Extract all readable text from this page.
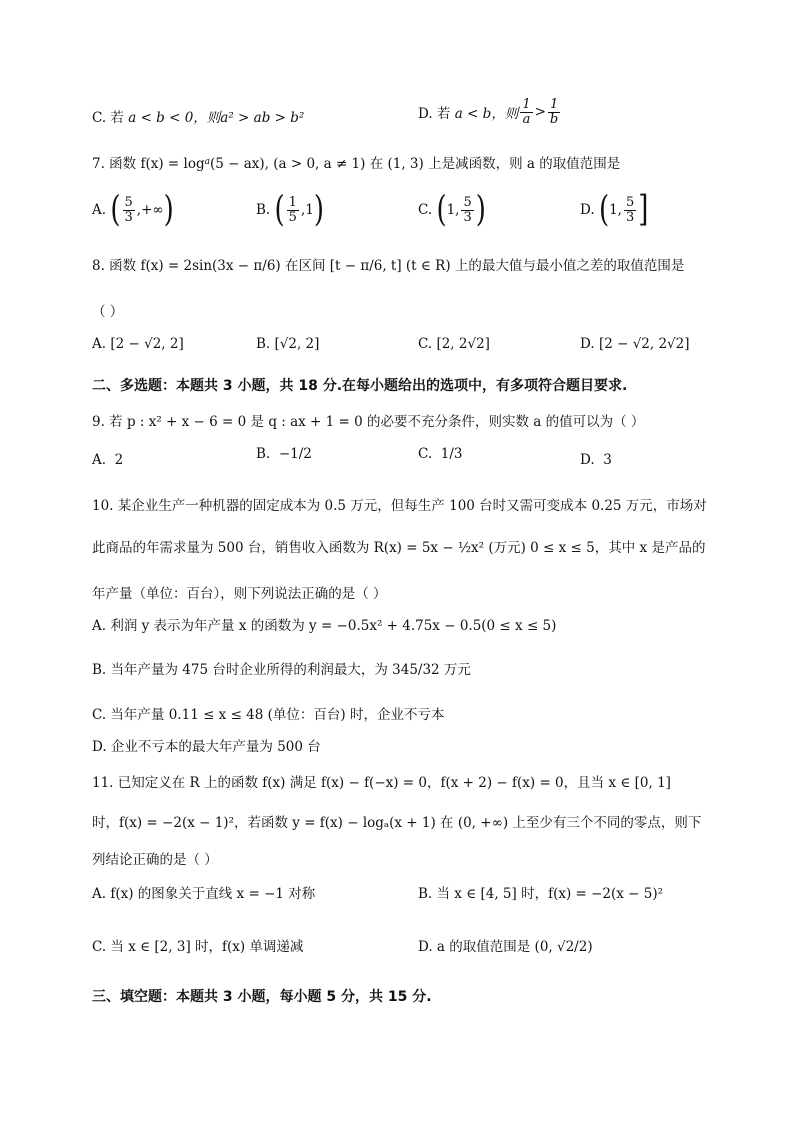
C. 若
a < b < 0，则a² > ab > b²	D. 若
a < b，则 $\frac{1}{a} > \frac{1}{b}$
7. 函数 f(x) = log a (5 − ax), (a > 0, a ≠ 1) 在 (1, 3) 上是减函数，则 a 的取值范围是
A.
( $\frac{5}{3}$ ,+∞ )	B.
( $\frac{1}{5} ,1$ )	C.
( 1, $\frac{5}{3}$ )	D.
( 1, $\frac{5}{3}$ ]
8. 函数 f(x) = 2sin(3x − π/6) 在区间 [t − π/6, t] (t ∈ R) 上的最大值与最小值之差的取值范围是
（ ）
A.
[2 − √2, 2]	B.
[√2, 2]	C.
[2, 2√2]	D.
[2 − √2, 2√2]
二、多选题：本题共 3 小题，共 18 分.在每小题给出的选项中，有多项符合题目要求.
9. 若 p : x² + x − 6 = 0 是 q : ax + 1 = 0 的必要不充分条件，则实数 a 的值可以为（ ）
A.
2	B.
−1/2	C.
1/3	D.
3
10. 某企业生产一种机器的固定成本为 0.5 万元，但每生产 100 台时又需可变成本 0.25 万元，市场对
此商品的年需求量为 500 台，销售收入函数为 R(x) = 5x − ½x² (万元) 0 ≤ x ≤ 5，其中 x 是产品的
年产量（单位：百台），则下列说法正确的是（ ）
A. 利润 y 表示为年产量 x 的函数为 y = −0.5x² + 4.75x − 0.5(0 ≤ x ≤ 5)
B. 当年产量为 475 台时企业所得的利润最大，为 345/32 万元
C. 当年产量 0.11 ≤ x ≤ 48 (单位：百台) 时，企业不亏本
D. 企业不亏本的最大年产量为 500 台
11. 已知定义在 R 上的函数 f(x) 满足 f(x) − f(−x) = 0，f(x + 2) − f(x) = 0，且当 x ∈ [0, 1]
时，f(x) = −2(x − 1)²，若函数 y = f(x) − logₐ(x + 1) 在 (0, +∞) 上至少有三个不同的零点，则下
列结论正确的是（ ）
A. f(x) 的图象关于直线 x = −1 对称	B. 当 x ∈ [4, 5] 时，f(x) = −2(x − 5)²
C. 当 x ∈ [2, 3] 时，f(x) 单调递减	D. a 的取值范围是 (0, √2/2)
三、填空题：本题共 3 小题，每小题 5 分，共 15 分.
